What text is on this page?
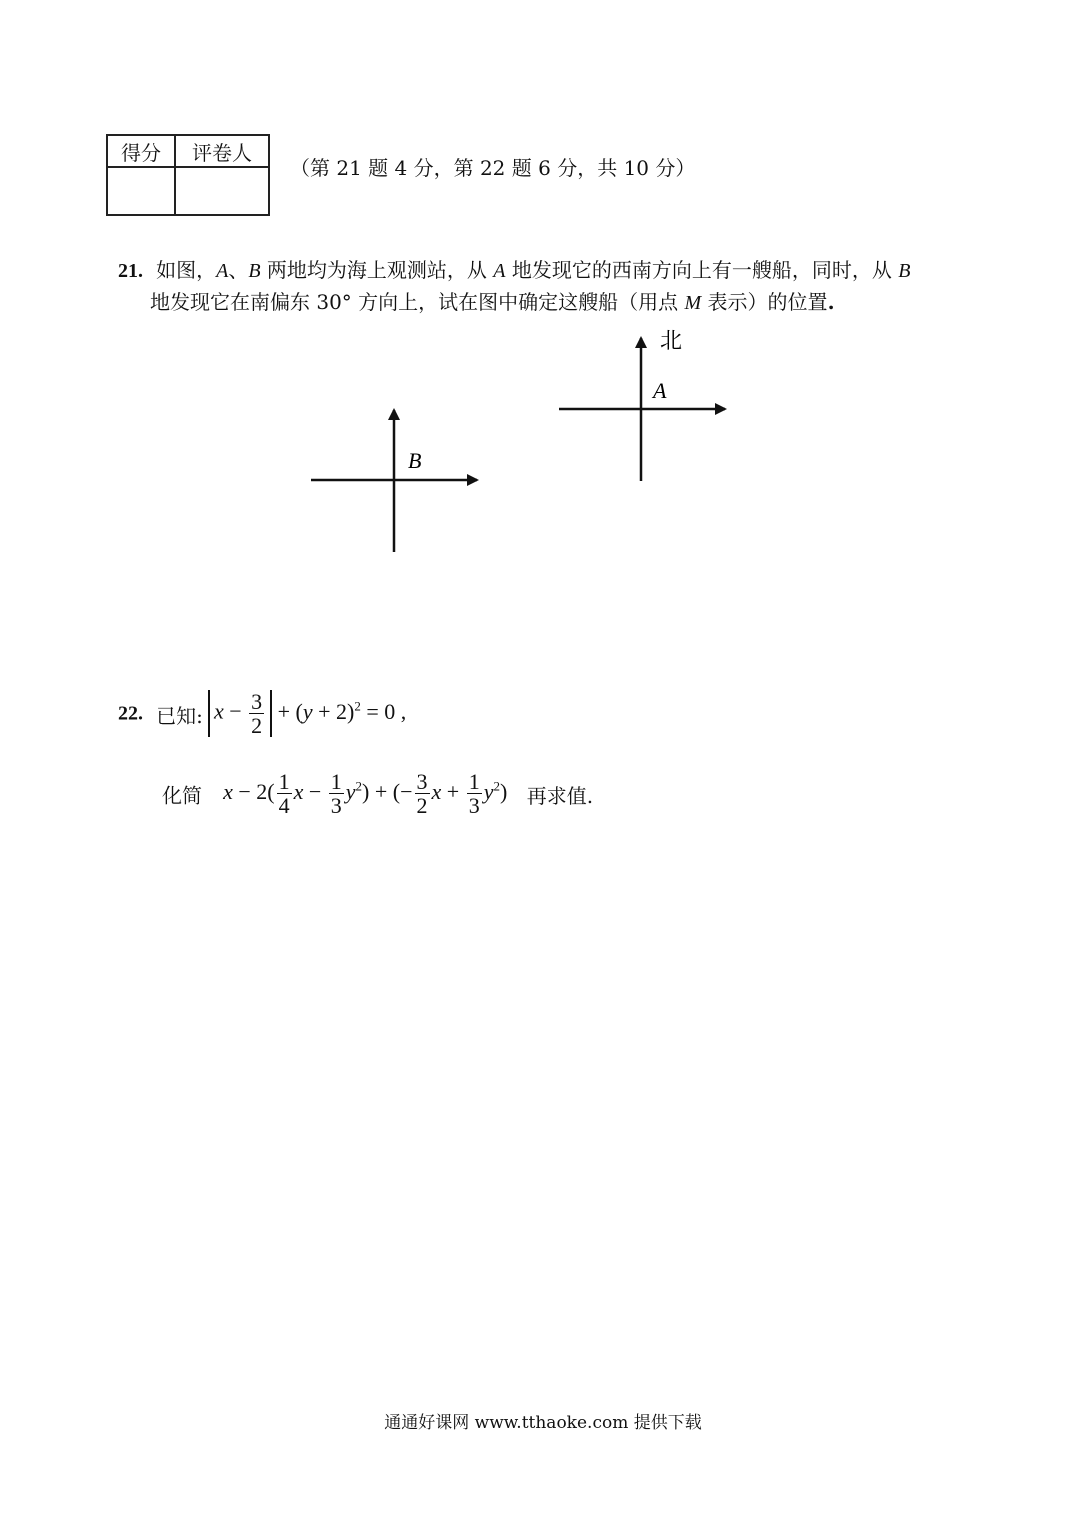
得分	评卷人

（第 21 题 4 分，第 22 题 6 分，共 10 分）
21. 如图，A、B 两地均为海上观测站，从 A 地发现它的西南方向上有一艘船，同时，从 B
地发现它在南偏东 30° 方向上，试在图中确定这艘船（用点 M 表示）的位置.
北
A
B
22. 已知: $x - \frac{3}{2} + (y + 2)^2 = 0$ ,
化简 $x - 2( \frac{1}{4}$ $x - \frac{1}{3} y^2$) + (− $\frac{3}{2}$ $x + \frac{1}{3} y^2$) 再求值.
通通好课网 www.tthaoke.com 提供下载
